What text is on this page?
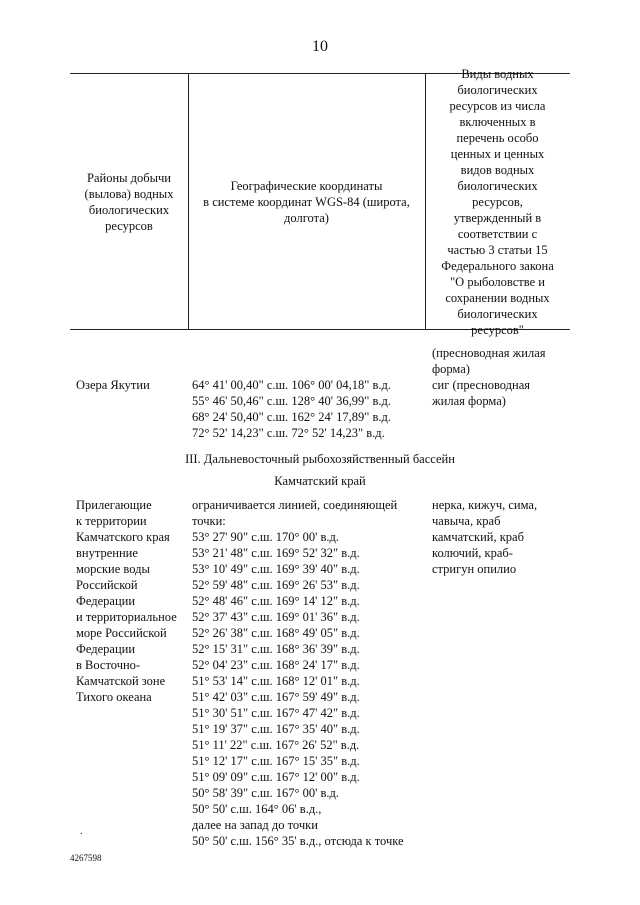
10
Районы добычи
(вылова) водных
биологических
ресурсов
Географические координаты
в системе координат WGS-84 (широта,
долгота)
Виды водных
биологических
ресурсов из числа
включенных в
перечень особо
ценных и ценных
видов водных
биологических
ресурсов,
утвержденный в
соответствии с
частью 3 статьи 15
Федерального закона
"О рыболовстве и
сохранении водных
биологических
ресурсов"
(пресноводная жилая
форма)
Озера Якутии	64° 41' 00,40" с.ш. 106° 00' 04,18" в.д.
55° 46' 50,46" с.ш. 128° 40' 36,99" в.д.
68° 24' 50,40" с.ш. 162° 24' 17,89" в.д.
72° 52' 14,23" с.ш. 72° 52' 14,23" в.д.
сиг (пресноводная
жилая форма)
III. Дальневосточный рыбохозяйственный бассейн
Камчатский край
Прилегающие
к территории
Камчатского края
внутренние
морские воды
Российской
Федерации
и территориальное
море Российской
Федерации
в Восточно-
Камчатской зоне
Тихого океана
ограничивается линией, соединяющей точки:
53° 27' 90" с.ш. 170° 00' в.д.
53° 21' 48" с.ш. 169° 52' 32" в.д.
53° 10' 49" с.ш. 169° 39' 40" в.д.
52° 59' 48" с.ш. 169° 26' 53" в.д.
52° 48' 46" с.ш. 169° 14' 12" в.д.
52° 37' 43" с.ш. 169° 01' 36" в.д.
52° 26' 38" с.ш. 168° 49' 05" в.д.
52° 15' 31" с.ш. 168° 36' 39" в.д.
52° 04' 23" с.ш. 168° 24' 17" в.д.
51° 53' 14" с.ш. 168° 12' 01" в.д.
51° 42' 03" с.ш. 167° 59' 49" в.д.
51° 30' 51" с.ш. 167° 47' 42" в.д.
51° 19' 37" с.ш. 167° 35' 40" в.д.
51° 11' 22" с.ш. 167° 26' 52" в.д.
51° 12' 17" с.ш. 167° 15' 35" в.д.
51° 09' 09" с.ш. 167° 12' 00" в.д.
50° 58' 39" с.ш. 167° 00' в.д.
50° 50' с.ш. 164° 06' в.д.,
далее на запад до точки
50° 50' с.ш. 156° 35' в.д., отсюда к точке
нерка, кижуч, сима,
чавыча, краб
камчатский, краб
колючий, краб-
стригун опилио
.
4267598
